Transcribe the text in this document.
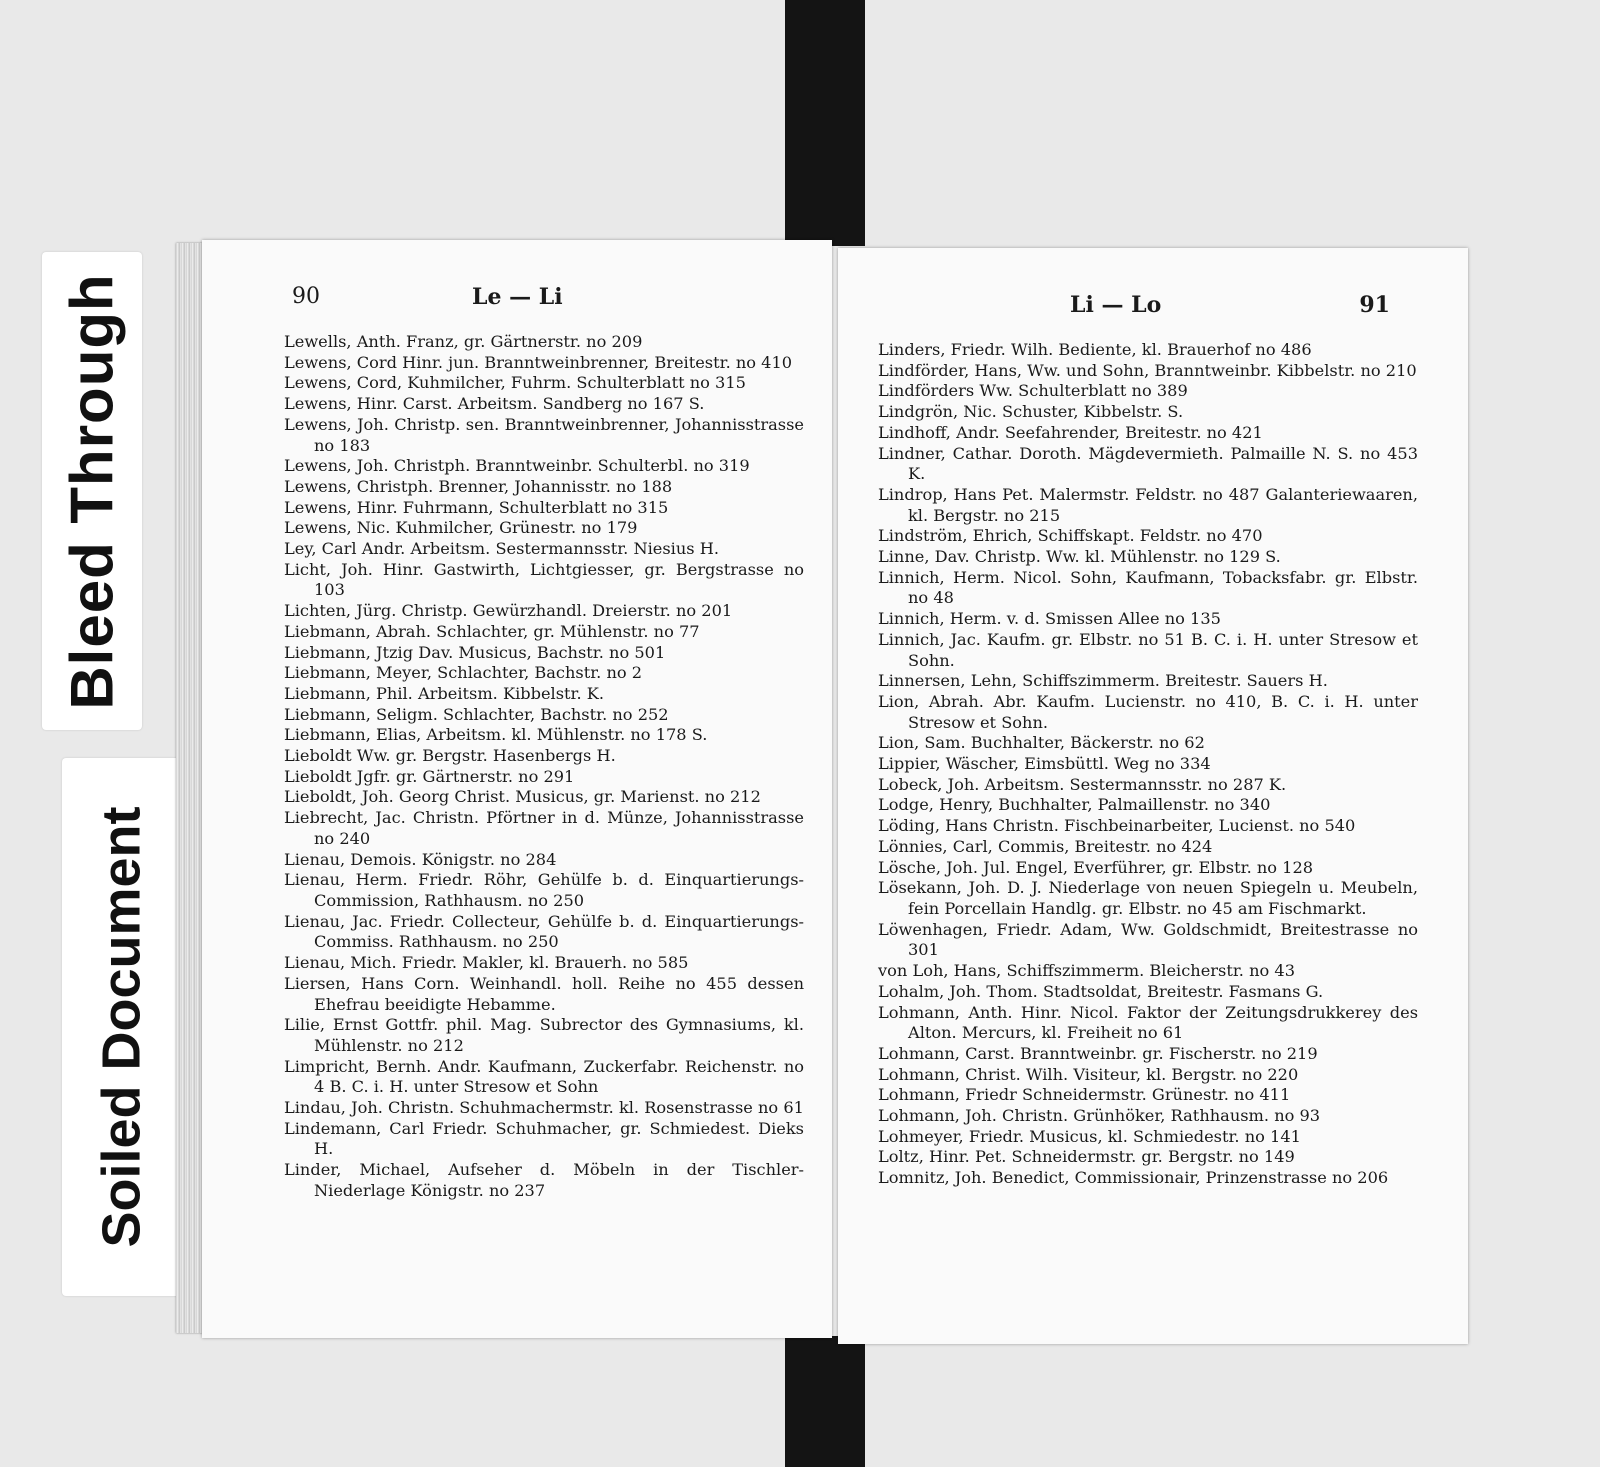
Bleed Through
Soiled Document
90	Le — Li
Lewells, Anth. Franz, gr. Gärtnerstr. no 209
Lewens, Cord Hinr. jun. Branntweinbrenner, Breitestr. no 410
Lewens, Cord, Kuhmilcher, Fuhrm. Schulterblatt no 315
Lewens, Hinr. Carst. Arbeitsm. Sandberg no 167 S.
Lewens, Joh. Christp. sen. Branntweinbrenner, Johannisstrasse no 183
Lewens, Joh. Christph. Branntweinbr. Schulterbl. no 319
Lewens, Christph. Brenner, Johannisstr. no 188
Lewens, Hinr. Fuhrmann, Schulterblatt no 315
Lewens, Nic. Kuhmilcher, Grünestr. no 179
Ley, Carl Andr. Arbeitsm. Sestermannsstr. Niesius H.
Licht, Joh. Hinr. Gastwirth, Lichtgiesser, gr. Bergstrasse no 103
Lichten, Jürg. Christp. Gewürzhandl. Dreierstr. no 201
Liebmann, Abrah. Schlachter, gr. Mühlenstr. no 77
Liebmann, Jtzig Dav. Musicus, Bachstr. no 501
Liebmann, Meyer, Schlachter, Bachstr. no 2
Liebmann, Phil. Arbeitsm. Kibbelstr. K.
Liebmann, Seligm. Schlachter, Bachstr. no 252
Liebmann, Elias, Arbeitsm. kl. Mühlenstr. no 178 S.
Lieboldt Ww. gr. Bergstr. Hasenbergs H.
Lieboldt Jgfr. gr. Gärtnerstr. no 291
Lieboldt, Joh. Georg Christ. Musicus, gr. Marienst. no 212
Liebrecht, Jac. Christn. Pförtner in d. Münze, Johannisstrasse no 240
Lienau, Demois. Königstr. no 284
Lienau, Herm. Friedr. Röhr, Gehülfe b. d. Einquartierungs-Commission, Rathhausm. no 250
Lienau, Jac. Friedr. Collecteur, Gehülfe b. d. Einquartierungs-Commiss. Rathhausm. no 250
Lienau, Mich. Friedr. Makler, kl. Brauerh. no 585
Liersen, Hans Corn. Weinhandl. holl. Reihe no 455 dessen Ehefrau beeidigte Hebamme.
Lilie, Ernst Gottfr. phil. Mag. Subrector des Gymnasiums, kl. Mühlenstr. no 212
Limpricht, Bernh. Andr. Kaufmann, Zuckerfabr. Reichenstr. no 4 B. C. i. H. unter Stresow et Sohn
Lindau, Joh. Christn. Schuhmachermstr. kl. Rosenstrasse no 61
Lindemann, Carl Friedr. Schuhmacher, gr. Schmiedest. Dieks H.
Linder, Michael, Aufseher d. Möbeln in der Tischler-Niederlage Königstr. no 237
Li — Lo	91
Linders, Friedr. Wilh. Bediente, kl. Brauerhof no 486
Lindförder, Hans, Ww. und Sohn, Branntweinbr. Kibbelstr. no 210
Lindförders Ww. Schulterblatt no 389
Lindgrön, Nic. Schuster, Kibbelstr. S.
Lindhoff, Andr. Seefahrender, Breitestr. no 421
Lindner, Cathar. Doroth. Mägdevermieth. Palmaille N. S. no 453 K.
Lindrop, Hans Pet. Malermstr. Feldstr. no 487 Galanteriewaaren, kl. Bergstr. no 215
Lindström, Ehrich, Schiffskapt. Feldstr. no 470
Linne, Dav. Christp. Ww. kl. Mühlenstr. no 129 S.
Linnich, Herm. Nicol. Sohn, Kaufmann, Tobacksfabr. gr. Elbstr. no 48
Linnich, Herm. v. d. Smissen Allee no 135
Linnich, Jac. Kaufm. gr. Elbstr. no 51 B. C. i. H. unter Stresow et Sohn.
Linnersen, Lehn, Schiffszimmerm. Breitestr. Sauers H.
Lion, Abrah. Abr. Kaufm. Lucienstr. no 410, B. C. i. H. unter Stresow et Sohn.
Lion, Sam. Buchhalter, Bäckerstr. no 62
Lippier, Wäscher, Eimsbüttl. Weg no 334
Lobeck, Joh. Arbeitsm. Sestermannsstr. no 287 K.
Lodge, Henry, Buchhalter, Palmaillenstr. no 340
Löding, Hans Christn. Fischbeinarbeiter, Lucienst. no 540
Lönnies, Carl, Commis, Breitestr. no 424
Lösche, Joh. Jul. Engel, Everführer, gr. Elbstr. no 128
Lösekann, Joh. D. J. Niederlage von neuen Spiegeln u. Meubeln, fein Porcellain Handlg. gr. Elbstr. no 45 am Fischmarkt.
Löwenhagen, Friedr. Adam, Ww. Goldschmidt, Breitestrasse no 301
von Loh, Hans, Schiffszimmerm. Bleicherstr. no 43
Lohalm, Joh. Thom. Stadtsoldat, Breitestr. Fasmans G.
Lohmann, Anth. Hinr. Nicol. Faktor der Zeitungsdrukkerey des Alton. Mercurs, kl. Freiheit no 61
Lohmann, Carst. Branntweinbr. gr. Fischerstr. no 219
Lohmann, Christ. Wilh. Visiteur, kl. Bergstr. no 220
Lohmann, Friedr Schneidermstr. Grünestr. no 411
Lohmann, Joh. Christn. Grünhöker, Rathhausm. no 93
Lohmeyer, Friedr. Musicus, kl. Schmiedestr. no 141
Loltz, Hinr. Pet. Schneidermstr. gr. Bergstr. no 149
Lomnitz, Joh. Benedict, Commissionair, Prinzenstrasse no 206
